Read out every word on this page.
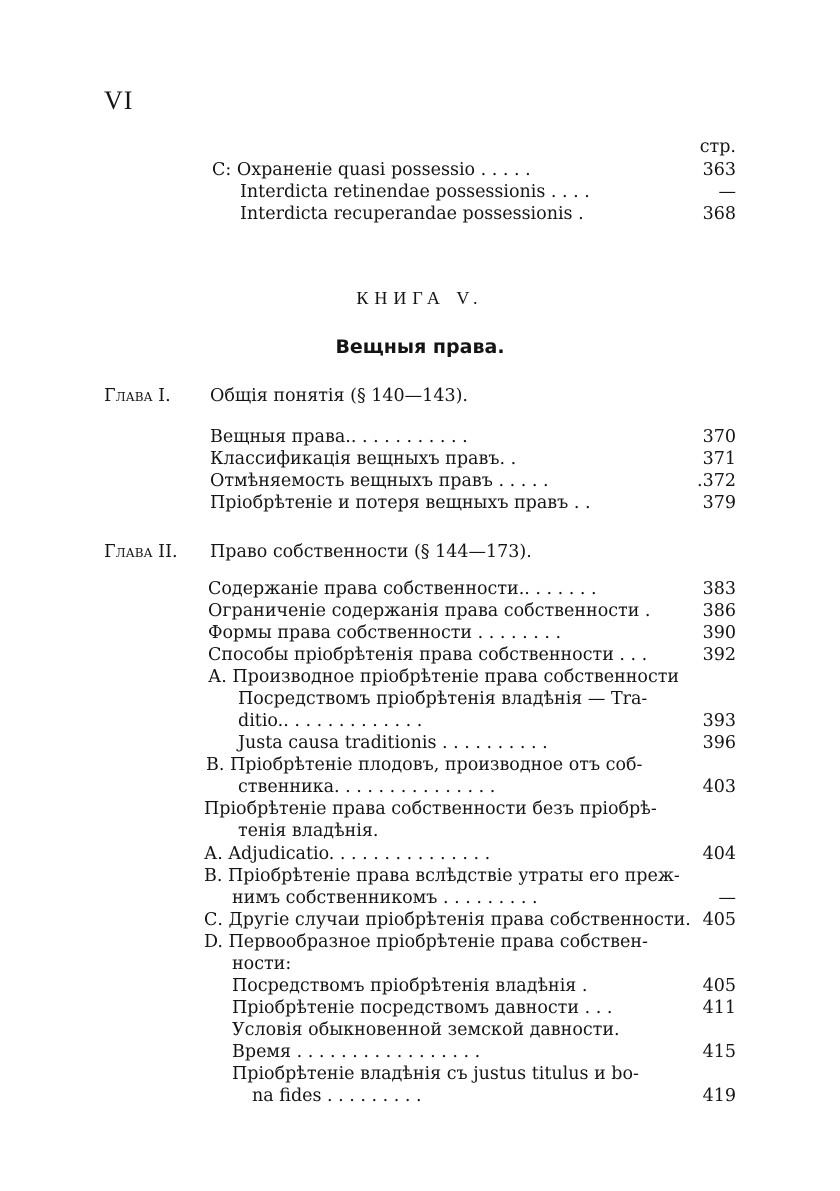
VI
стр.
C: Охраненіе quasi possessio . . . . .	363
Interdicta retinendae possessionis . . . .	—
Interdicta recuperandae possessionis .	368
КНИГА V.
Вещныя права.
Глава I. Общія понятія (§ 140—143).
Вещныя права.. . . . . . . . . . .	370
Классификація вещныхъ правъ. .	371
Отмѣняемость вещныхъ правъ . . . . .	.372
Пріобрѣтеніе и потеря вещныхъ правъ . .	379
Глава II. Право собственности (§ 144—173).
Содержаніе права собственности.. . . . . . .	383
Ограниченіе содержанія права собственности .	386
Формы права собственности . . . . . . . .	390
Способы пріобрѣтенія права собственности . . .	392
А. Производное пріобрѣтеніе права собственности
Посредствомъ пріобрѣтенія владѣнія — Tra-
ditio.. . . . . . . . . . . . .	393
Justa causa traditionis . . . . . . . . . .	396
В. Пріобрѣтеніе плодовъ, производное отъ соб-
ственника. . . . . . . . . . . . . . .	403
Пріобрѣтеніе права собственности безъ пріобрѣ-
тенія владѣнія.
А. Adjudicatio. . . . . . . . . . . . . . .	404
В. Пріобрѣтеніе права вслѣдствіе утраты его преж-
нимъ собственникомъ . . . . . . . . .	—
С. Другіе случаи пріобрѣтенія права собственности. 405
D. Первообразное пріобрѣтеніе права собствен-
ности:
Посредствомъ пріобрѣтенія владѣнія .	405
Пріобрѣтеніе посредствомъ давности . . .	411
Условія обыкновенной земской давности.
Время . . . . . . . . . . . . . . . . .	415
Пріобрѣтеніе владѣнія съ justus titulus и bo-
na fides . . . . . . . . .	419
